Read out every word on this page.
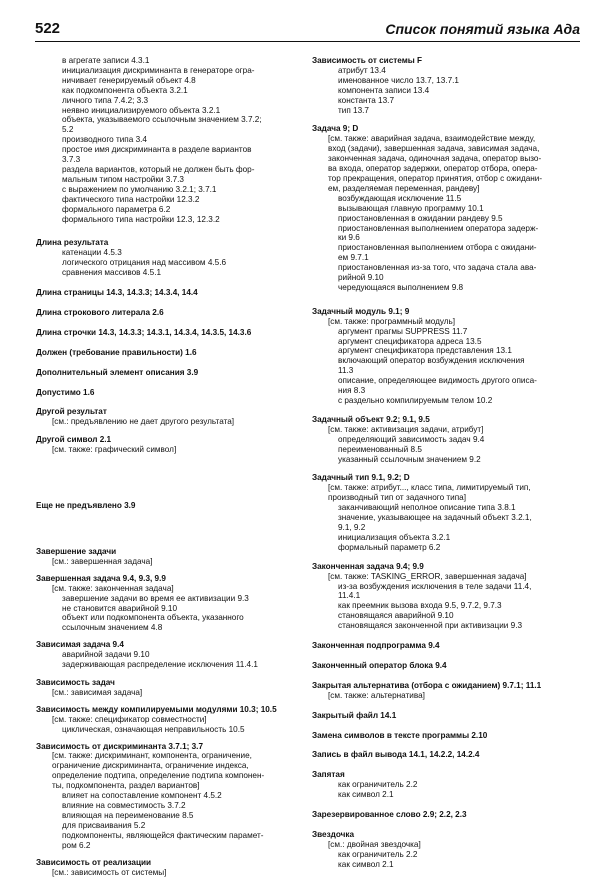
522	Список понятий языка Ада
в агрегате записи 4.3.1
инициализация дискриминанта в генераторе огра-
ничивает генерируемый объект 4.8
как подкомпонента объекта 3.2.1
личного типа 7.4.2; 3.3
неявно инициализируемого объекта 3.2.1
объекта, указываемого ссылочным значением 3.7.2;
5.2
производного типа 3.4
простое имя дискриминанта в разделе вариантов
3.7.3
раздела вариантов, который не должен быть фор-
мальным типом настройки 3.7.3
с выражением по умолчанию 3.2.1; 3.7.1
фактического типа настройки 12.3.2
формального параметра 6.2
формального типа настройки 12.3, 12.3.2
Длина результата
катенации 4.5.3
логического отрицания над массивом 4.5.6
сравнения массивов 4.5.1
Длина страницы 14.3, 14.3.3; 14.3.4, 14.4
Длина строкового литерала 2.6
Длина строчки 14.3, 14.3.3; 14.3.1, 14.3.4, 14.3.5, 14.3.6
Должен (требование правильности) 1.6
Дополнительный элемент описания 3.9
Допустимо 1.6
Другой результат
[см.: предъявлению не дает другого результата]
Другой символ 2.1
[см. также: графический символ]
Еще не предъявлено 3.9
Завершение задачи
[см.: завершенная задача]
Завершенная задача 9.4, 9.3, 9.9
[см. также: законченная задача]
завершение задачи во время ее активизации 9.3
не становится аварийной 9.10
объект или подкомпонента объекта, указанного
ссылочным значением 4.8
Зависимая задача 9.4
аварийной задачи 9.10
задерживающая распределение исключения 11.4.1
Зависимость задач
[см.: зависимая задача]
Зависимость между компилируемыми модулями 10.3; 10.5
[см. также: спецификатор совместности]
циклическая, означающая неправильность 10.5
Зависимость от дискриминанта 3.7.1; 3.7
[см. также: дискриминант, компонента, ограничение,
ограничение дискриминанта, ограничение индекса,
определение подтипа, определение подтипа компонен-
ты, подкомпонента, раздел вариантов]
влияет на сопоставление компонент 4.5.2
влияние на совместимость 3.7.2
влияющая на переименование 8.5
для присваивания 5.2
подкомпоненты, являющейся фактическим парамет-
ром 6.2
Зависимость от реализации
[см.: зависимость от системы]
Зависимость от системы F
атрибут 13.4
именованное число 13.7, 13.7.1
компонента записи 13.4
константа 13.7
тип 13.7
Задача 9; D
[см. также: аварийная задача, взаимодействие между,
вход (задачи), завершенная задача, зависимая задача,
законченная задача, одиночная задача, оператор вызо-
ва входа, оператор задержки, оператор отбора, опера-
тор прекращения, оператор принятия, отбор с ожидани-
ем, разделяемая переменная, рандеву]
возбуждающая исключение 11.5
вызывающая главную программу 10.1
приостановленная в ожидании рандеву 9.5
приостановленная выполнением оператора задерж-
ки 9.6
приостановленная выполнением отбора с ожидани-
ем 9.7.1
приостановленная из-за того, что задача стала ава-
рийной 9.10
чередующаяся выполнением 9.8
Задачный модуль 9.1; 9
[см. также: программный модуль]
аргумент прагмы SUPPRESS 11.7
аргумент спецификатора адреса 13.5
аргумент спецификатора представления 13.1
включающий оператор возбуждения исключения
11.3
описание, определяющее видимость другого описа-
ния 8.3
с раздельно компилируемым телом 10.2
Задачный объект 9.2; 9.1, 9.5
[см. также: активизация задачи, атрибут]
определяющий зависимость задач 9.4
переименованный 8.5
указанный ссылочным значением 9.2
Задачный тип 9.1, 9.2; D
[см. также: атрибут..., класс типа, лимитируемый тип,
производный тип от задачного типа]
заканчивающий неполное описание типа 3.8.1
значение, указывающее на задачный объект 3.2.1,
9.1, 9.2
инициализация объекта 3.2.1
формальный параметр 6.2
Законченная задача 9.4; 9.9
[см. также: TASKING_ERROR, завершенная задача]
из-за возбуждения исключения в теле задачи 11.4,
11.4.1
как преемник вызова входа 9.5, 9.7.2, 9.7.3
становящаяся аварийной 9.10
становящаяся законченной при активизации 9.3
Законченная подпрограмма 9.4
Законченный оператор блока 9.4
Закрытая альтернатива (отбора с ожиданием) 9.7.1; 11.1
[см. также: альтернатива]
Закрытый файл 14.1
Замена символов в тексте программы 2.10
Запись в файл вывода 14.1, 14.2.2, 14.2.4
Запятая
как ограничитель 2.2
как символ 2.1
Зарезервированное слово 2.9; 2.2, 2.3
Звездочка
[см.: двойная звездочка]
как ограничитель 2.2
как символ 2.1
